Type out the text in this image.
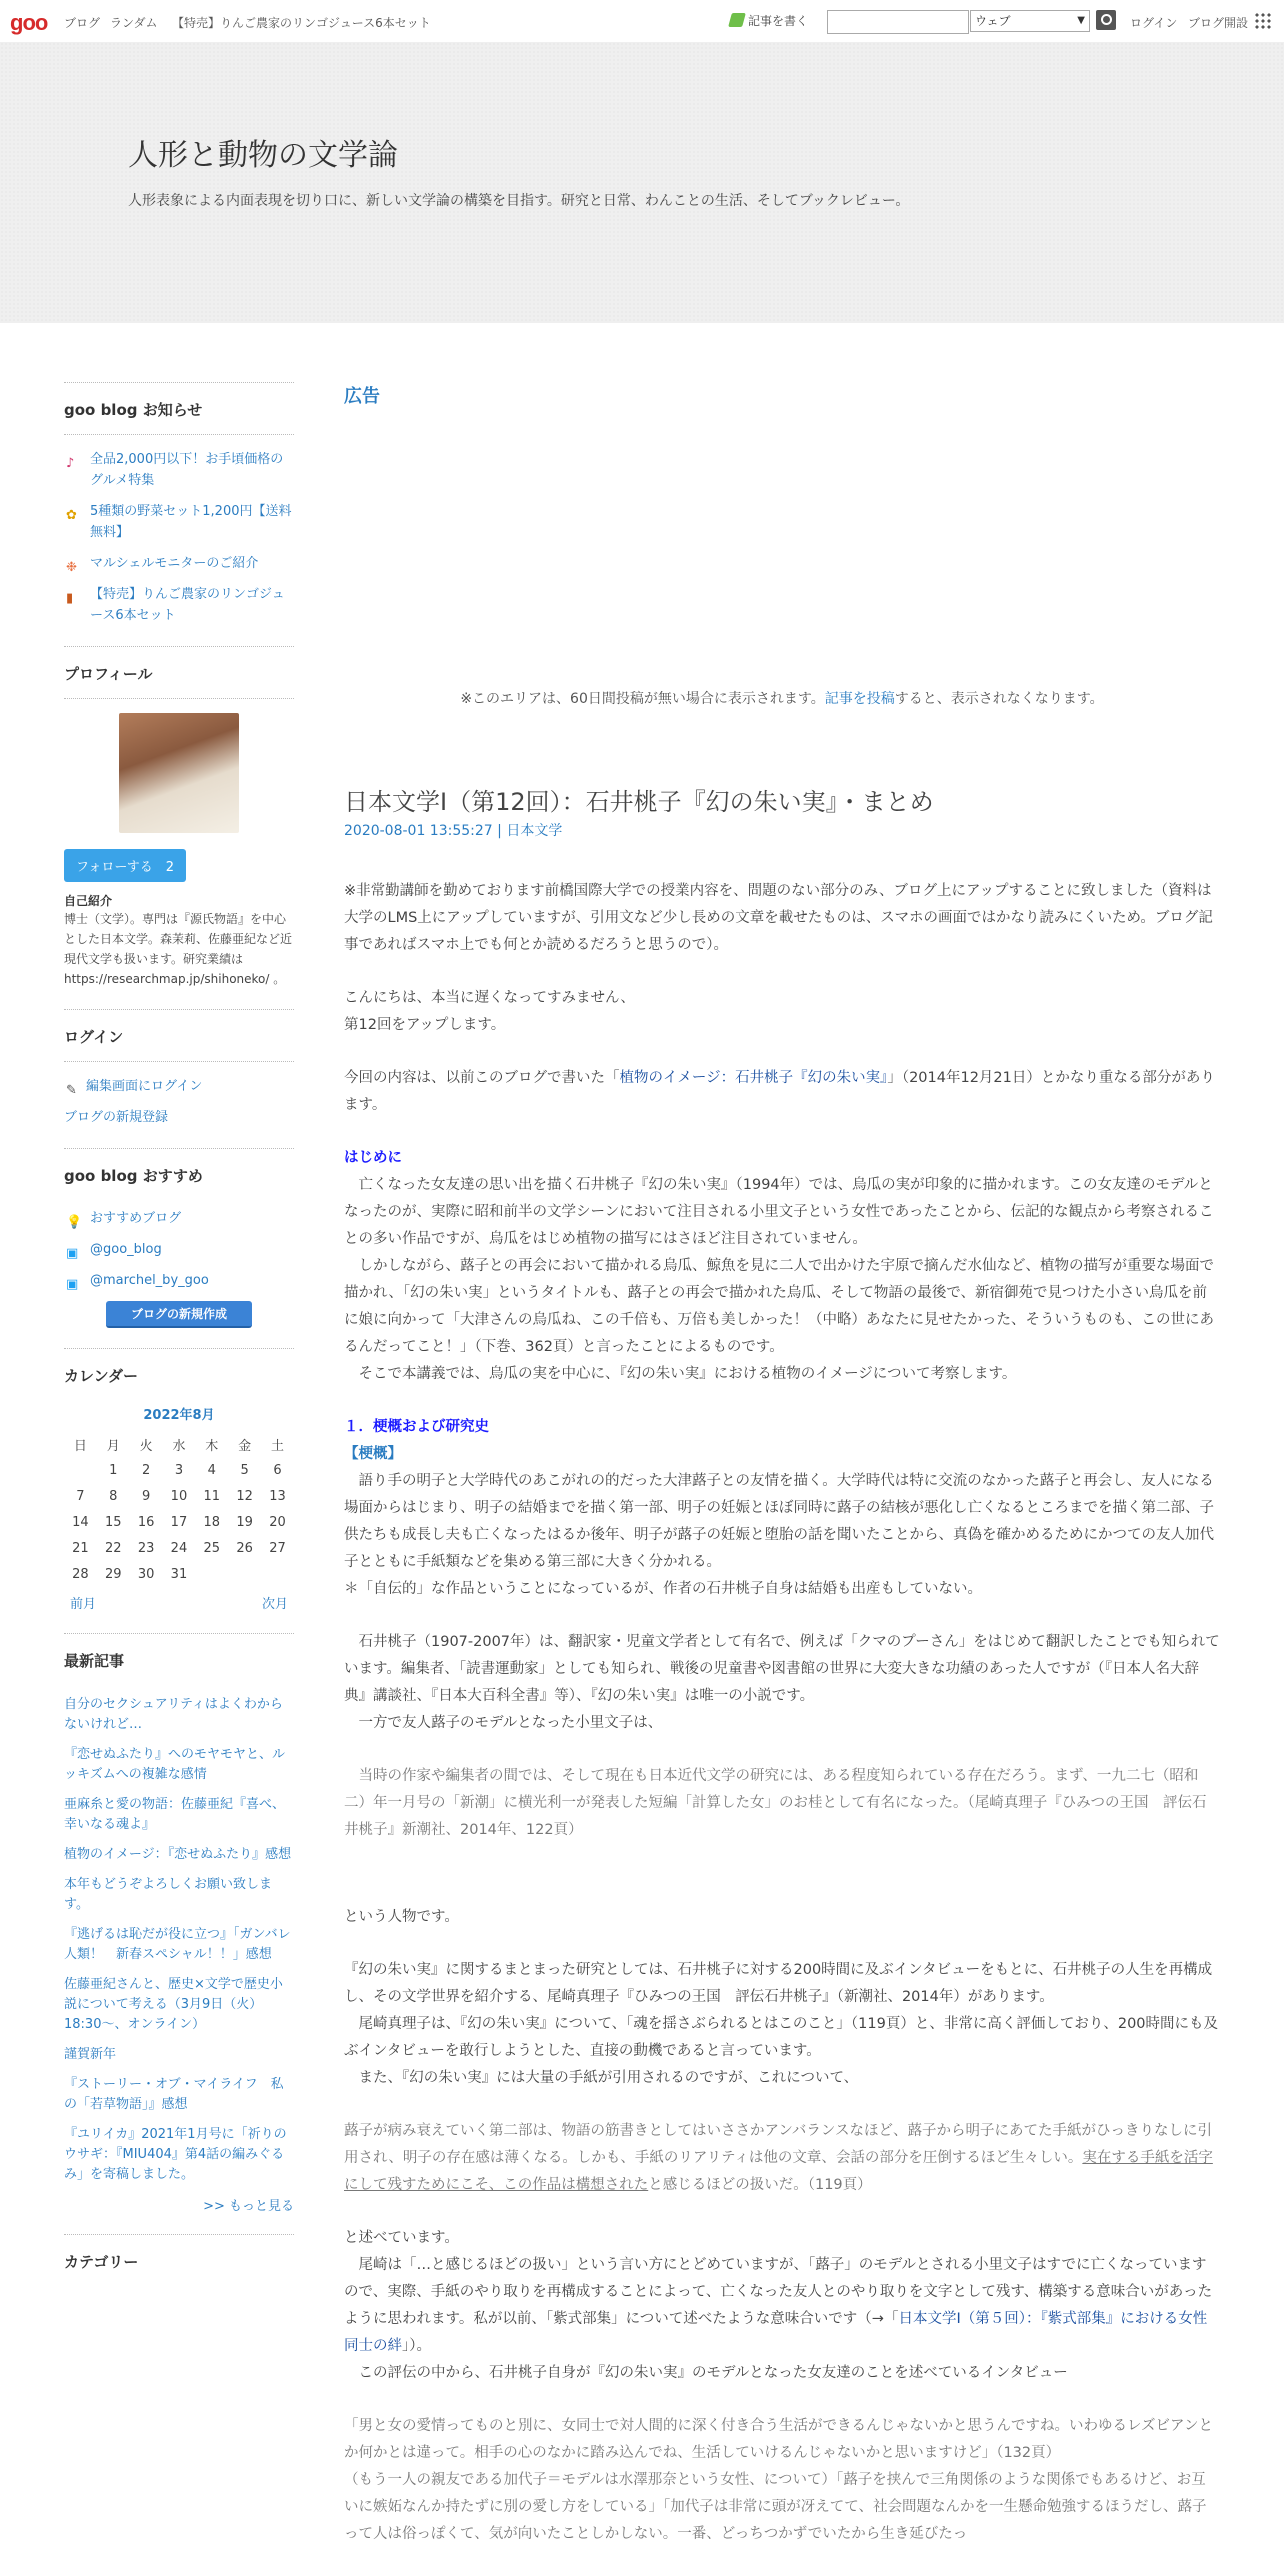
goo ブログ ランダム 【特売】りんご農家のリンゴジュース6本セット	記事を書く	ウェブ	▼	ログイン ブログ開設
人形と動物の文学論
人形表象による内面表現を切り口に、新しい文学論の構築を目指す。研究と日常、わんことの生活、そしてブックレビュー。
goo blog お知らせ
♪ 全品2,000円以下！お手頃価格のグルメ特集
✿ 5種類の野菜セット1,200円【送料無料】
❉ マルシェルモニターのご紹介
▮ 【特売】りんご農家のリンゴジュース6本セット
プロフィール
フォローする　2
自己紹介
博士（文学）。専門は『源氏物語』を中心とした日本文学。森茉莉、佐藤亜紀など近現代文学も扱います。研究業績は https://researchmap.jp/shihoneko/ 。
ログイン
✎ 編集画面にログイン
ブログの新規登録
goo blog おすすめ
💡 おすすめブログ
▣ @goo_blog
▣ @marchel_by_goo
ブログの新規作成
カレンダー
2022年8月
日	月	火	水	木	金	土
	1	2	3	4	5	6
7	8	9	10	11	12	13
14	15	16	17	18	19	20
21	22	23	24	25	26	27
28	29	30	31			
前月	次月
最新記事
自分のセクシュアリティはよくわからないけれど…
『恋せぬふたり』へのモヤモヤと、ルッキズムへの複雑な感情
亜麻糸と愛の物語：佐藤亜紀『喜べ、幸いなる魂よ』
植物のイメージ：『恋せぬふたり』感想
本年もどうぞよろしくお願い致します。
『逃げるは恥だが役に立つ』「ガンバレ人類！　新春スペシャル！！」感想
佐藤亜紀さんと、歴史×文学で歴史小説について考える（3月9日（火）18:30～、オンライン）
謹賀新年
『ストーリー・オブ・マイライフ　私の「若草物語」』感想
『ユリイカ』2021年1月号に「祈りのウサギ：『MIU404』第4話の編みぐるみ」を寄稿しました。
>> もっと見る
カテゴリー
広告
※このエリアは、60日間投稿が無い場合に表示されます。記事を投稿すると、表示されなくなります。
日本文学Ⅰ（第12回）：石井桃子『幻の朱い実』・まとめ
2020-08-01 13:55:27 | 日本文学

※非常勤講師を勤めております前橋国際大学での授業内容を、問題のない部分のみ、ブログ上にアップすることに致しました（資料は大学のLMS上にアップしていますが、引用文など少し長めの文章を載せたものは、スマホの画面ではかなり読みにくいため。ブログ記事であればスマホ上でも何とか読めるだろうと思うので）。

こんにちは、本当に遅くなってすみません、
第12回をアップします。

今回の内容は、以前このブログで書いた「植物のイメージ：石井桃子『幻の朱い実』」（2014年12月21日）とかなり重なる部分があります。

はじめに
　亡くなった女友達の思い出を描く石井桃子『幻の朱い実』（1994年）では、烏瓜の実が印象的に描かれます。この女友達のモデルとなったのが、実際に昭和前半の文学シーンにおいて注目される小里文子という女性であったことから、伝記的な観点から考察されることの多い作品ですが、烏瓜をはじめ植物の描写にはさほど注目されていません。
　しかしながら、蕗子との再会において描かれる烏瓜、鯨魚を見に二人で出かけた宇原で摘んだ水仙など、植物の描写が重要な場面で描かれ、「幻の朱い実」というタイトルも、蕗子との再会で描かれた烏瓜、そして物語の最後で、新宿御苑で見つけた小さい烏瓜を前に娘に向かって「大津さんの烏瓜ね、この千倍も、万倍も美しかった！（中略）あなたに見せたかった、そういうものも、この世にあるんだってこと！」（下巻、362頁）と言ったことによるものです。
　そこで本講義では、烏瓜の実を中心に、『幻の朱い実』における植物のイメージについて考察します。

１．梗概および研究史
【梗概】
　語り手の明子と大学時代のあこがれの的だった大津蕗子との友情を描く。大学時代は特に交流のなかった蕗子と再会し、友人になる場面からはじまり、明子の結婚までを描く第一部、明子の妊娠とほぼ同時に蕗子の結核が悪化し亡くなるところまでを描く第二部、子供たちも成長し夫も亡くなったはるか後年、明子が蕗子の妊娠と堕胎の話を聞いたことから、真偽を確かめるためにかつての友人加代子とともに手紙類などを集める第三部に大きく分かれる。
＊「自伝的」な作品ということになっているが、作者の石井桃子自身は結婚も出産もしていない。

　石井桃子（1907-2007年）は、翻訳家・児童文学者として有名で、例えば「クマのプーさん」をはじめて翻訳したことでも知られています。編集者、「読書運動家」としても知られ、戦後の児童書や図書館の世界に大変大きな功績のあった人ですが（『日本人名大辞典』講談社、『日本大百科全書』等）、『幻の朱い実』は唯一の小説です。
　一方で友人蕗子のモデルとなった小里文子は、

　当時の作家や編集者の間では、そして現在も日本近代文学の研究には、ある程度知られている存在だろう。まず、一九二七（昭和二）年一月号の「新潮」に横光利一が発表した短編「計算した女」のお桂として有名になった。（尾崎真理子『ひみつの王国　評伝石井桃子』新潮社、2014年、122頁）

という人物です。

『幻の朱い実』に関するまとまった研究としては、石井桃子に対する200時間に及ぶインタビューをもとに、石井桃子の人生を再構成し、その文学世界を紹介する、尾崎真理子『ひみつの王国　評伝石井桃子』（新潮社、2014年）があります。
　尾崎真理子は、『幻の朱い実』について、「魂を揺さぶられるとはこのこと」（119頁）と、非常に高く評価しており、200時間にも及ぶインタビューを敢行しようとした、直接の動機であると言っています。
　また、『幻の朱い実』には大量の手紙が引用されるのですが、これについて、

蕗子が病み衰えていく第二部は、物語の筋書きとしてはいささかアンバランスなほど、蕗子から明子にあてた手紙がひっきりなしに引用され、明子の存在感は薄くなる。しかも、手紙のリアリティは他の文章、会話の部分を圧倒するほど生々しい。実在する手紙を活字にして残すためにこそ、この作品は構想されたと感じるほどの扱いだ。（119頁）

と述べています。
　尾崎は「…と感じるほどの扱い」という言い方にとどめていますが、「蕗子」のモデルとされる小里文子はすでに亡くなっていますので、実際、手紙のやり取りを再構成することによって、亡くなった友人とのやり取りを文字として残す、構築する意味合いがあったように思われます。私が以前、「紫式部集」について述べたような意味合いです（→「日本文学Ⅰ（第５回）：『紫式部集』における女性同士の絆」）。
　この評伝の中から、石井桃子自身が『幻の朱い実』のモデルとなった女友達のことを述べているインタビュー

「男と女の愛情ってものと別に、女同士で対人間的に深く付き合う生活ができるんじゃないかと思うんですね。いわゆるレズビアンとか何かとは違って。相手の心のなかに踏み込んでね、生活していけるんじゃないかと思いますけど」（132頁）
（もう一人の親友である加代子＝モデルは水澤那奈という女性、について）「蕗子を挟んで三角関係のような関係でもあるけど、お互いに嫉妬なんか持たずに別の愛し方をしている」「加代子は非常に頭が冴えてて、社会問題なんかを一生懸命勉強するほうだし、蕗子って人は俗っぽくて、気が向いたことしかしない。一番、どっちつかずでいたから生き延びたっ
